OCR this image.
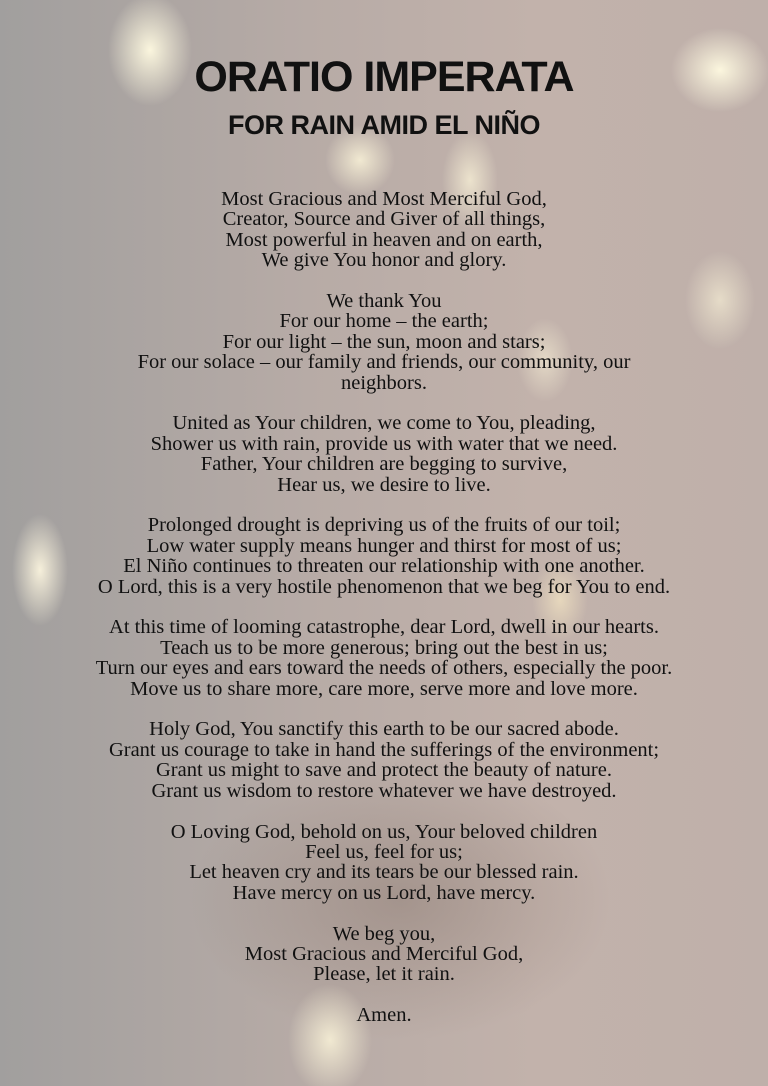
ORATIO IMPERATA
FOR RAIN AMID EL NIÑO

Most Gracious and Most Merciful God,
Creator, Source and Giver of all things,
Most powerful in heaven and on earth,
We give You honor and glory.

We thank You
For our home – the earth;
For our light – the sun, moon and stars;
For our solace – our family and friends, our community, our
neighbors.

United as Your children, we come to You, pleading,
Shower us with rain, provide us with water that we need.
Father, Your children are begging to survive,
Hear us, we desire to live.

Prolonged drought is depriving us of the fruits of our toil;
Low water supply means hunger and thirst for most of us;
El Niño continues to threaten our relationship with one another.
O Lord, this is a very hostile phenomenon that we beg for You to end.

At this time of looming catastrophe, dear Lord, dwell in our hearts.
Teach us to be more generous; bring out the best in us;
Turn our eyes and ears toward the needs of others, especially the poor.
Move us to share more, care more, serve more and love more.

Holy God, You sanctify this earth to be our sacred abode.
Grant us courage to take in hand the sufferings of the environment;
Grant us might to save and protect the beauty of nature.
Grant us wisdom to restore whatever we have destroyed.

O Loving God, behold on us, Your beloved children
Feel us, feel for us;
Let heaven cry and its tears be our blessed rain.
Have mercy on us Lord, have mercy.

We beg you,
Most Gracious and Merciful God,
Please, let it rain.

Amen.
